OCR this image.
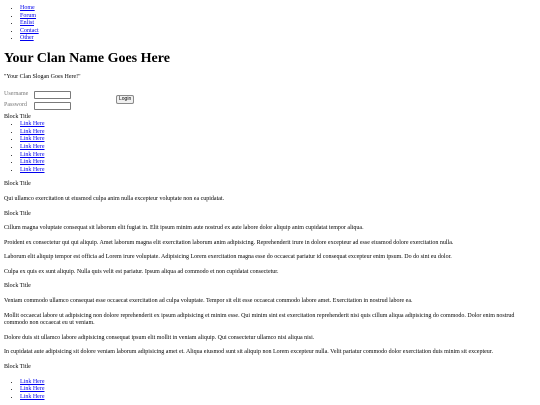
• Home
• Forum
• Enlist
• Contact
• Other
Your Clan Name Goes Here

"Your Clan Slogan Goes Here!"

Username
Password
Login

Block Title

• Link Here
• Link Here
• Link Here
• Link Here
• Link Here
• Link Here
• Link Here

Block Title

Qui ullamco exercitation ut eiusmod culpa anim nulla excepteur voluptate non ea cupidatat.

Block Title

Cillum magna voluptate consequat sit laborum elit fugiat in. Elit ipsum minim aute nostrud ex aute labore dolor aliquip anim cupidatat tempor aliqua.

Proident ex consectetur qui qui aliquip. Amet laborum magna elit exercitation laborum anim adipisicing. Reprehenderit irure in dolore excepteur ad esse eiusmod dolore exercitation nulla.

Laborum elit aliquip tempor est officia ad Lorem irure voluptate. Adipisicing Lorem exercitation magna esse do occaecat pariatur id consequat excepteur enim ipsum. Do do sint eu dolor.

Culpa ex quis ex sunt aliquip. Nulla quis velit est pariatur. Ipsum aliqua ad commodo et non cupidatat consectetur.

Block Title

Veniam commodo ullamco consequat esse occaecat exercitation ad culpa voluptate. Tempor sit elit esse occaecat commodo labore amet. Exercitation in nostrud labore ea.

Mollit occaecat labore ut adipisicing non dolore reprehenderit ex ipsum adipisicing et minim esse. Qui minim sint est exercitation reprehenderit nisi quis cillum aliqua adipisicing do commodo. Dolor enim nostrud commodo non occaecat eu ut veniam.

Dolore duis sit ullamco labore adipisicing consequat ipsum elit mollit in veniam aliquip. Qui consectetur ullamco nisi aliqua nisi.

In cupidatat aute adipisicing sit dolore veniam laborum adipisicing amet et. Aliqua eiusmod sunt sit aliquip non Lorem excepteur nulla. Velit pariatur commodo dolor exercitation duis minim sit excepteur.

Block Title

• Link Here
• Link Here
• Link Here
